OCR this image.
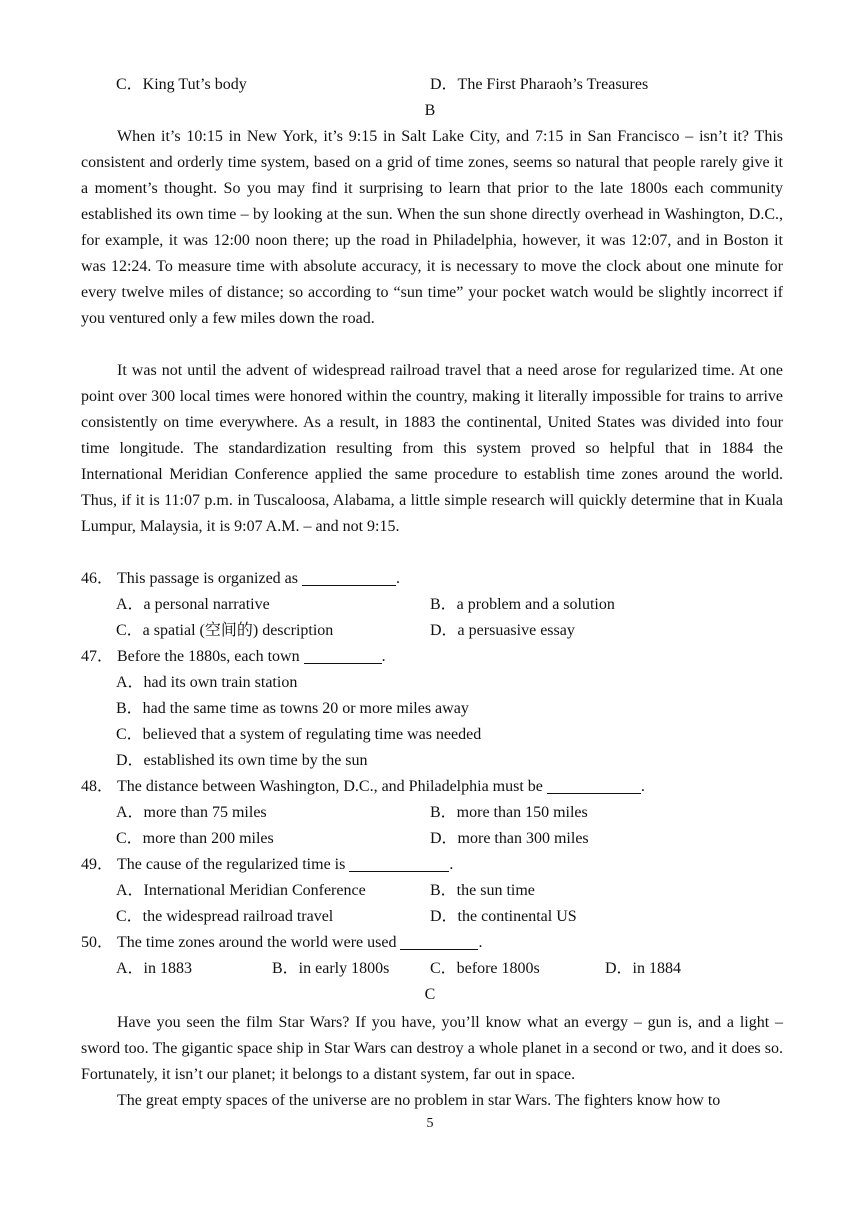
C．King Tut’s body	D．The First Pharaoh’s Treasures
B

When it’s 10:15 in New York, it’s 9:15 in Salt Lake City, and 7:15 in San Francisco – isn’t it? This consistent and orderly time system, based on a grid of time zones, seems so natural that people rarely give it a moment’s thought. So you may find it surprising to learn that prior to the late 1800s each community established its own time – by looking at the sun. When the sun shone directly overhead in Washington, D.C., for example, it was 12:00 noon there; up the road in Philadelphia, however, it was 12:07, and in Boston it was 12:24. To measure time with absolute accuracy, it is necessary to move the clock about one minute for every twelve miles of distance; so according to “sun time” your pocket watch would be slightly incorrect if you ventured only a few miles down the road.

It was not until the advent of widespread railroad travel that a need arose for regularized time. At one point over 300 local times were honored within the country, making it literally impossible for trains to arrive consistently on time everywhere. As a result, in 1883 the continental, United States was divided into four time longitude. The standardization resulting from this system proved so helpful that in 1884 the International Meridian Conference applied the same procedure to establish time zones around the world. Thus, if it is 11:07 p.m. in Tuscaloosa, Alabama, a little simple research will quickly determine that in Kuala Lumpur, Malaysia, it is 9:07 A.M. – and not 9:15.

46． This passage is organized as	.
A．a personal narrative	B．a problem and a solution
C．a spatial (空间的) description	D．a persuasive essay
47． Before the 1880s, each town	.
A．had its own train station
B．had the same time as towns 20 or more miles away
C．believed that a system of regulating time was needed
D．established its own time by the sun
48． The distance between Washington, D.C., and Philadelphia must be	.
A．more than 75 miles	B．more than 150 miles
C．more than 200 miles	D．more than 300 miles
49． The cause of the regularized time is	.
A．International Meridian Conference	B．the sun time
C．the widespread railroad travel	D．the continental US
50． The time zones around the world were used	.
A．in 1883	B．in early 1800s	C．before 1800s	D．in 1884
C

Have you seen the film Star Wars? If you have, you’ll know what an evergy – gun is, and a light – sword too. The gigantic space ship in Star Wars can destroy a whole planet in a second or two, and it does so. Fortunately, it isn’t our planet; it belongs to a distant system, far out in space.

The great empty spaces of the universe are no problem in star Wars. The fighters know how to

5
